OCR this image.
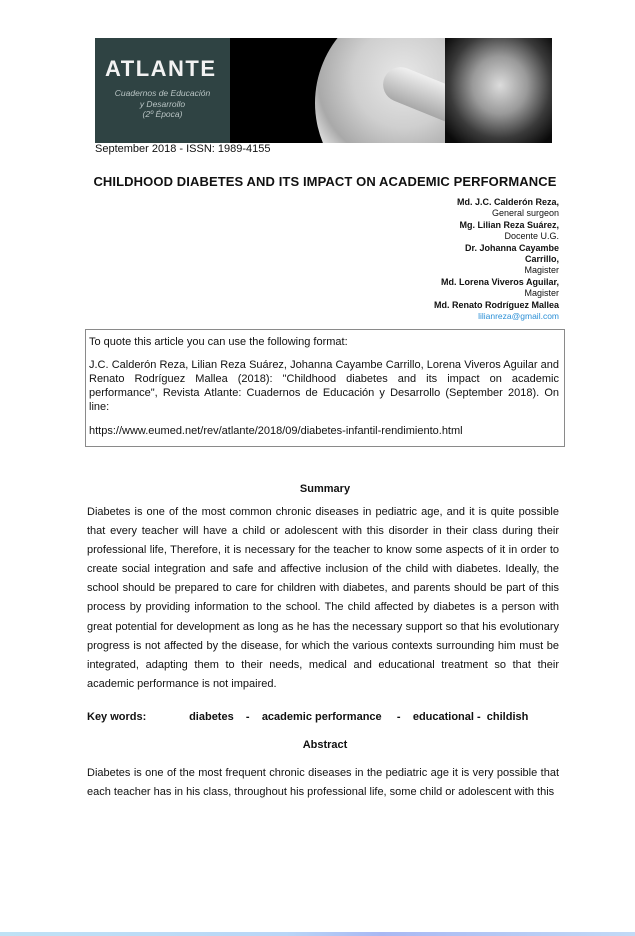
ATLANTE
Cuadernos de Educación
y Desarrollo
(2º Época)
September 2018 - ISSN: 1989-4155
CHILDHOOD DIABETES AND ITS IMPACT ON ACADEMIC PERFORMANCE
Md. J.C. Calderón Reza,
General surgeon
Mg. Lilian Reza Suárez,
Docente U.G.
Dr. Johanna Cayambe
Carrillo,
Magister
Md. Lorena Viveros Aguilar,
Magister
Md. Renato Rodríguez Mallea
lilianreza@gmail.com

To quote this article you can use the following format:

J.C. Calderón Reza, Lilian Reza Suárez, Johanna Cayambe Carrillo, Lorena Viveros Aguilar and Renato Rodríguez Mallea (2018): "Childhood diabetes and its impact on academic performance", Revista Atlante: Cuadernos de Educación y Desarrollo (September 2018). On line:

https://www.eumed.net/rev/atlante/2018/09/diabetes-infantil-rendimiento.html

Summary
Diabetes is one of the most common chronic diseases in pediatric age, and it is quite possible that every teacher will have a child or adolescent with this disorder in their class during their professional life, Therefore, it is necessary for the teacher to know some aspects of it in order to create social integration and safe and affective inclusion of the child with diabetes. Ideally, the school should be prepared to care for children with diabetes, and parents should be part of this process by providing information to the school. The child affected by diabetes is a person with great potential for development as long as he has the necessary support so that his evolutionary progress is not affected by the disease, for which the various contexts surrounding him must be integrated, adapting them to their needs, medical and educational treatment so that their academic performance is not impaired.
Key words:              diabetes    -    academic performance     -    educational -  childish
Abstract
Diabetes is one of the most frequent chronic diseases in the pediatric age it is very possible that each teacher has in his class, throughout his professional life, some child or adolescent with this
